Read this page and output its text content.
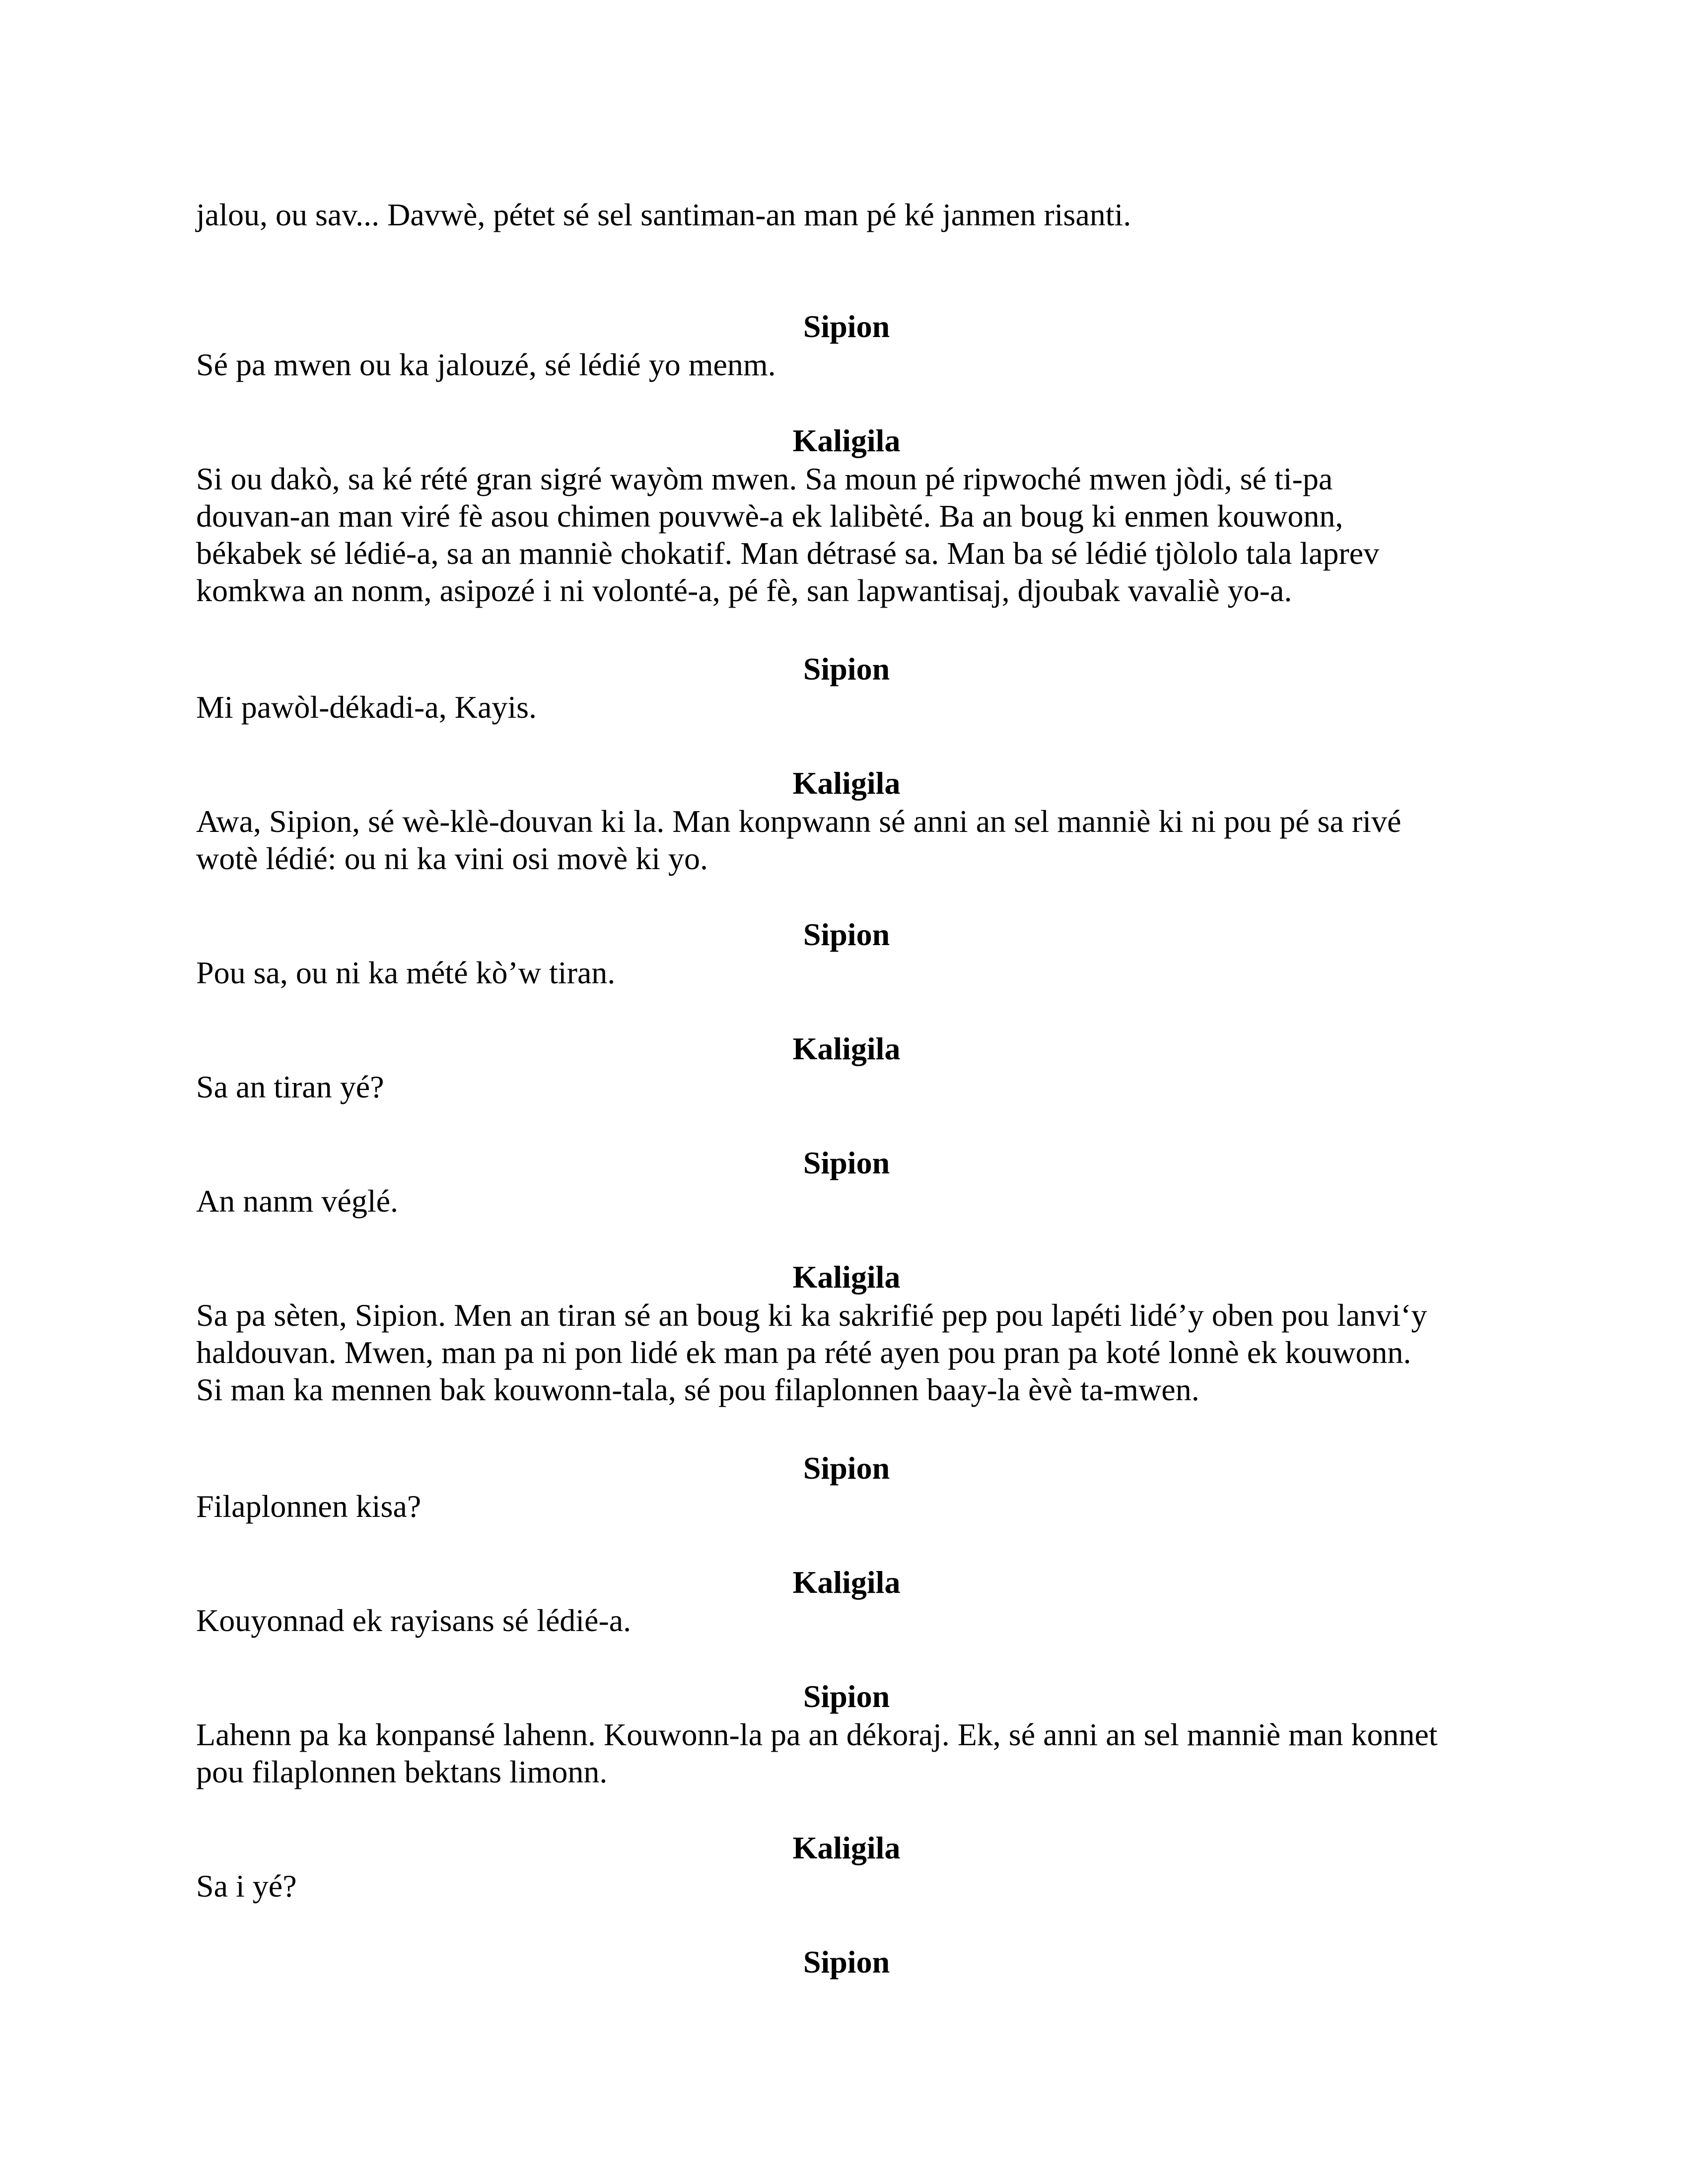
jalou, ou sav... Davwè, pétet sé sel santiman-an man pé ké janmen risanti.

Sipion

Sé pa mwen ou ka jalouzé, sé lédié yo menm.

Kaligila

Si ou dakò, sa ké rété gran sigré wayòm mwen. Sa moun pé ripwoché mwen jòdi, sé ti-pa
douvan-an man viré fè asou chimen pouvwè-a ek lalibèté. Ba an boug ki enmen kouwonn,
békabek sé lédié-a, sa an manniè chokatif. Man détrasé sa. Man ba sé lédié tjòlolo tala laprev
komkwa an nonm, asipozé i ni volonté-a, pé fè, san lapwantisaj, djoubak vavaliè yo-a.

Sipion

Mi pawòl-dékadi-a, Kayis.

Kaligila

Awa, Sipion, sé wè-klè-douvan ki la. Man konpwann sé anni an sel manniè ki ni pou pé sa rivé
wotè lédié: ou ni ka vini osi movè ki yo.

Sipion

Pou sa, ou ni ka mété kò’w tiran.

Kaligila

Sa an tiran yé?

Sipion

An nanm véglé.

Kaligila

Sa pa sèten, Sipion. Men an tiran sé an boug ki ka sakrifié pep pou lapéti lidé’y oben pou lanvi‘y
haldouvan. Mwen, man pa ni pon lidé ek man pa rété ayen pou pran pa koté lonnè ek kouwonn.
Si man ka mennen bak kouwonn-tala, sé pou filaplonnen baay-la èvè ta-mwen.

Sipion

Filaplonnen kisa?

Kaligila

Kouyonnad ek rayisans sé lédié-a.

Sipion

Lahenn pa ka konpansé lahenn. Kouwonn-la pa an dékoraj. Ek, sé anni an sel manniè man konnet
pou filaplonnen bektans limonn.

Kaligila

Sa i yé?

Sipion
